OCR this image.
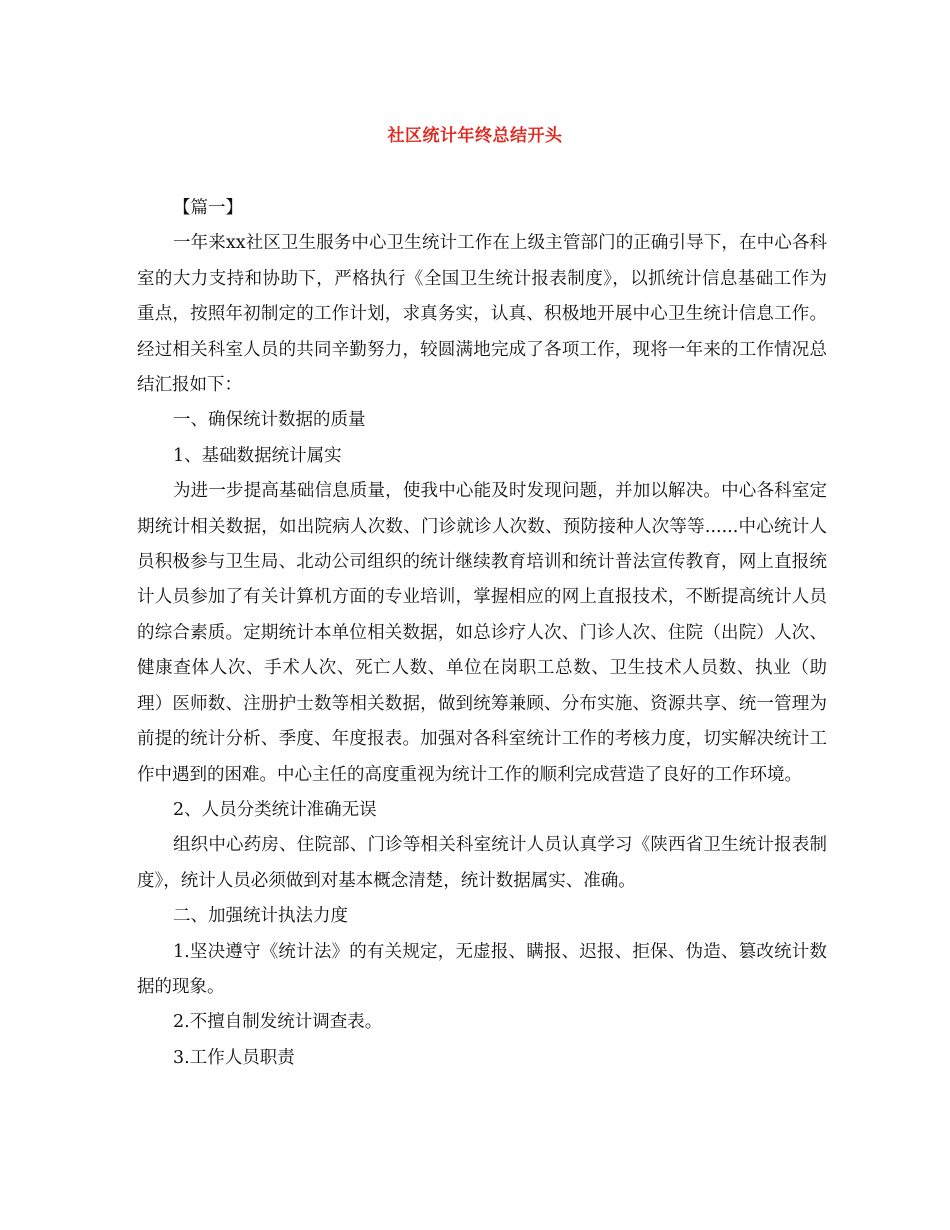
社区统计年终总结开头

【篇一】

一年来xx社区卫生服务中心卫生统计工作在上级主管部门的正确引导下，在中心各科室的大力支持和协助下，严格执行《全国卫生统计报表制度》，以抓统计信息基础工作为重点，按照年初制定的工作计划，求真务实，认真、积极地开展中心卫生统计信息工作。经过相关科室人员的共同辛勤努力，较圆满地完成了各项工作，现将一年来的工作情况总结汇报如下：

一、确保统计数据的质量

1、基础数据统计属实

为进一步提高基础信息质量，使我中心能及时发现问题，并加以解决。中心各科室定期统计相关数据，如出院病人次数、门诊就诊人次数、预防接种人次等等......中心统计人员积极参与卫生局、北动公司组织的统计继续教育培训和统计普法宣传教育，网上直报统计人员参加了有关计算机方面的专业培训，掌握相应的网上直报技术，不断提高统计人员的综合素质。定期统计本单位相关数据，如总诊疗人次、门诊人次、住院（出院）人次、健康查体人次、手术人次、死亡人数、单位在岗职工总数、卫生技术人员数、执业（助理）医师数、注册护士数等相关数据，做到统筹兼顾、分布实施、资源共享、统一管理为前提的统计分析、季度、年度报表。加强对各科室统计工作的考核力度，切实解决统计工作中遇到的困难。中心主任的高度重视为统计工作的顺利完成营造了良好的工作环境。

2、人员分类统计准确无误

组织中心药房、住院部、门诊等相关科室统计人员认真学习《陕西省卫生统计报表制度》，统计人员必须做到对基本概念清楚，统计数据属实、准确。

二、加强统计执法力度

1.坚决遵守《统计法》的有关规定，无虚报、瞒报、迟报、拒保、伪造、篡改统计数据的现象。

2.不擅自制发统计调查表。

3.工作人员职责
